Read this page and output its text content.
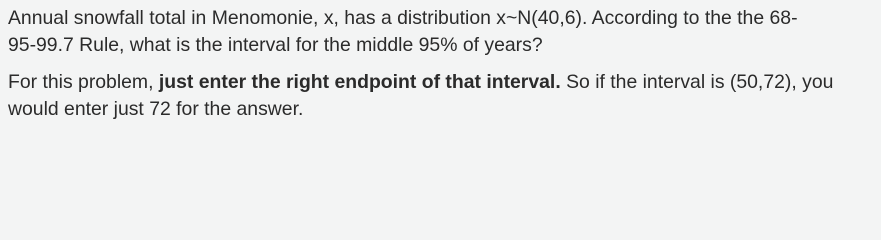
Annual snowfall total in Menomonie, x, has a distribution x~N(40,6). According to the the 68-
95-99.7 Rule, what is the interval for the middle 95% of years?

For this problem, just enter the right endpoint of that interval. So if the interval is (50,72), you
would enter just 72 for the answer.
